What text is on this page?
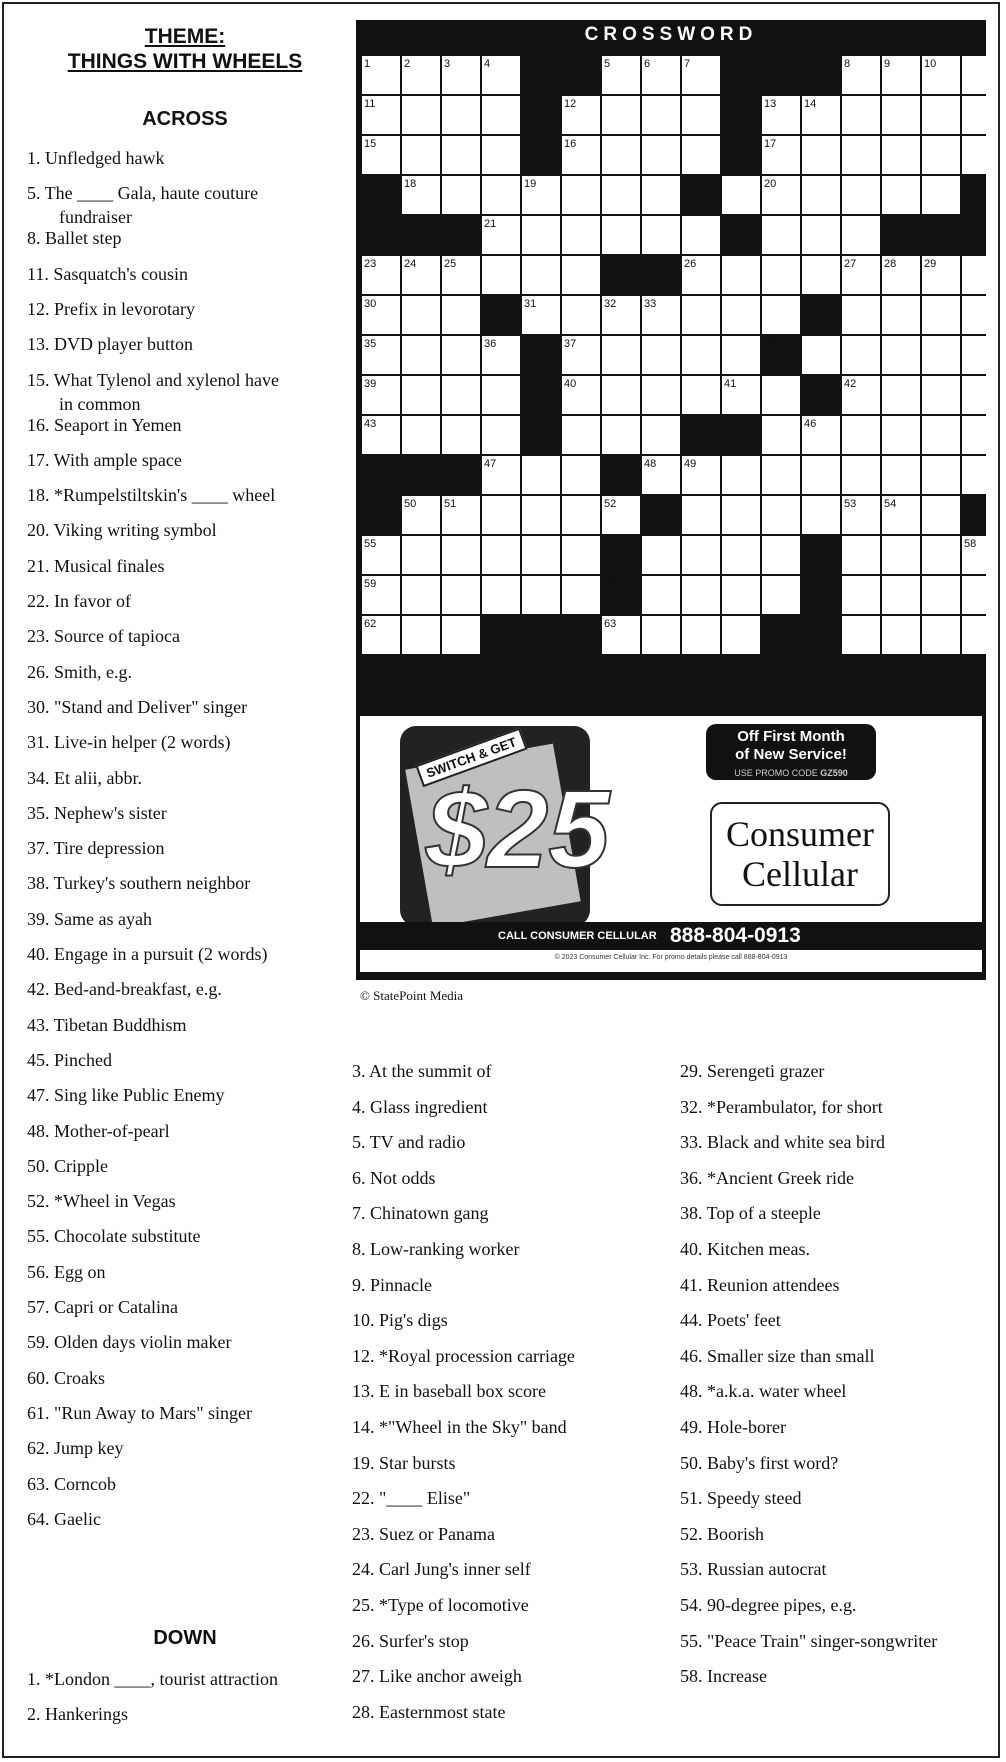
THEME:
THINGS WITH WHEELS
ACROSS
1. Unfledged hawk
5. The ____ Gala, haute couture
fundraiser
8. Ballet step
11. Sasquatch's cousin
12. Prefix in levorotary
13. DVD player button
15. What Tylenol and xylenol have
in common
16. Seaport in Yemen
17. With ample space
18. *Rumpelstiltskin's ____ wheel
20. Viking writing symbol
21. Musical finales
22. In favor of
23. Source of tapioca
26. Smith, e.g.
30. "Stand and Deliver" singer
31. Live-in helper (2 words)
34. Et alii, abbr.
35. Nephew's sister
37. Tire depression
38. Turkey's southern neighbor
39. Same as ayah
40. Engage in a pursuit (2 words)
42. Bed-and-breakfast, e.g.
43. Tibetan Buddhism
45. Pinched
47. Sing like Public Enemy
48. Mother-of-pearl
50. Cripple
52. *Wheel in Vegas
55. Chocolate substitute
56. Egg on
57. Capri or Catalina
59. Olden days violin maker
60. Croaks
61. "Run Away to Mars" singer
62. Jump key
63. Corncob
64. Gaelic
DOWN
1. *London ____, tourist attraction
2. Hankerings
3. At the summit of
4. Glass ingredient
5. TV and radio
6. Not odds
7. Chinatown gang
8. Low-ranking worker
9. Pinnacle
10. Pig's digs
12. *Royal procession carriage
13. E in baseball box score
14. *"Wheel in the Sky" band
19. Star bursts
22. "____ Elise"
23. Suez or Panama
24. Carl Jung's inner self
25. *Type of locomotive
26. Surfer's stop
27. Like anchor aweigh
28. Easternmost state
29. Serengeti grazer
32. *Perambulator, for short
33. Black and white sea bird
36. *Ancient Greek ride
38. Top of a steeple
40. Kitchen meas.
41. Reunion attendees
44. Poets' feet
46. Smaller size than small
48. *a.k.a. water wheel
49. Hole-borer
50. Baby's first word?
51. Speedy steed
52. Boorish
53. Russian autocrat
54. 90-degree pipes, e.g.
55. "Peace Train" singer-songwriter
58. Increase
CROSSWORD
1	2	3	4	5	6	7	8	9	10
11	12	13	14
15	16	17
18	19	20
21	22
23	24	25	26	27	28	29
30	31	32	33	34
35	36	37	38
39	40	41	42
43	44	45	46
47	48	49
50	51	52	53	54
55	56	57	58
59	60	61
62	63	64
SWITCH & GET
$25
Off First Month
of New Service!
USE PROMO CODE GZ590
Consumer
Cellular
CALL CONSUMER CELLULAR 888-804-0913
© 2023 Consumer Cellular Inc. For promo details please call 888-804-0913
© StatePoint Media
